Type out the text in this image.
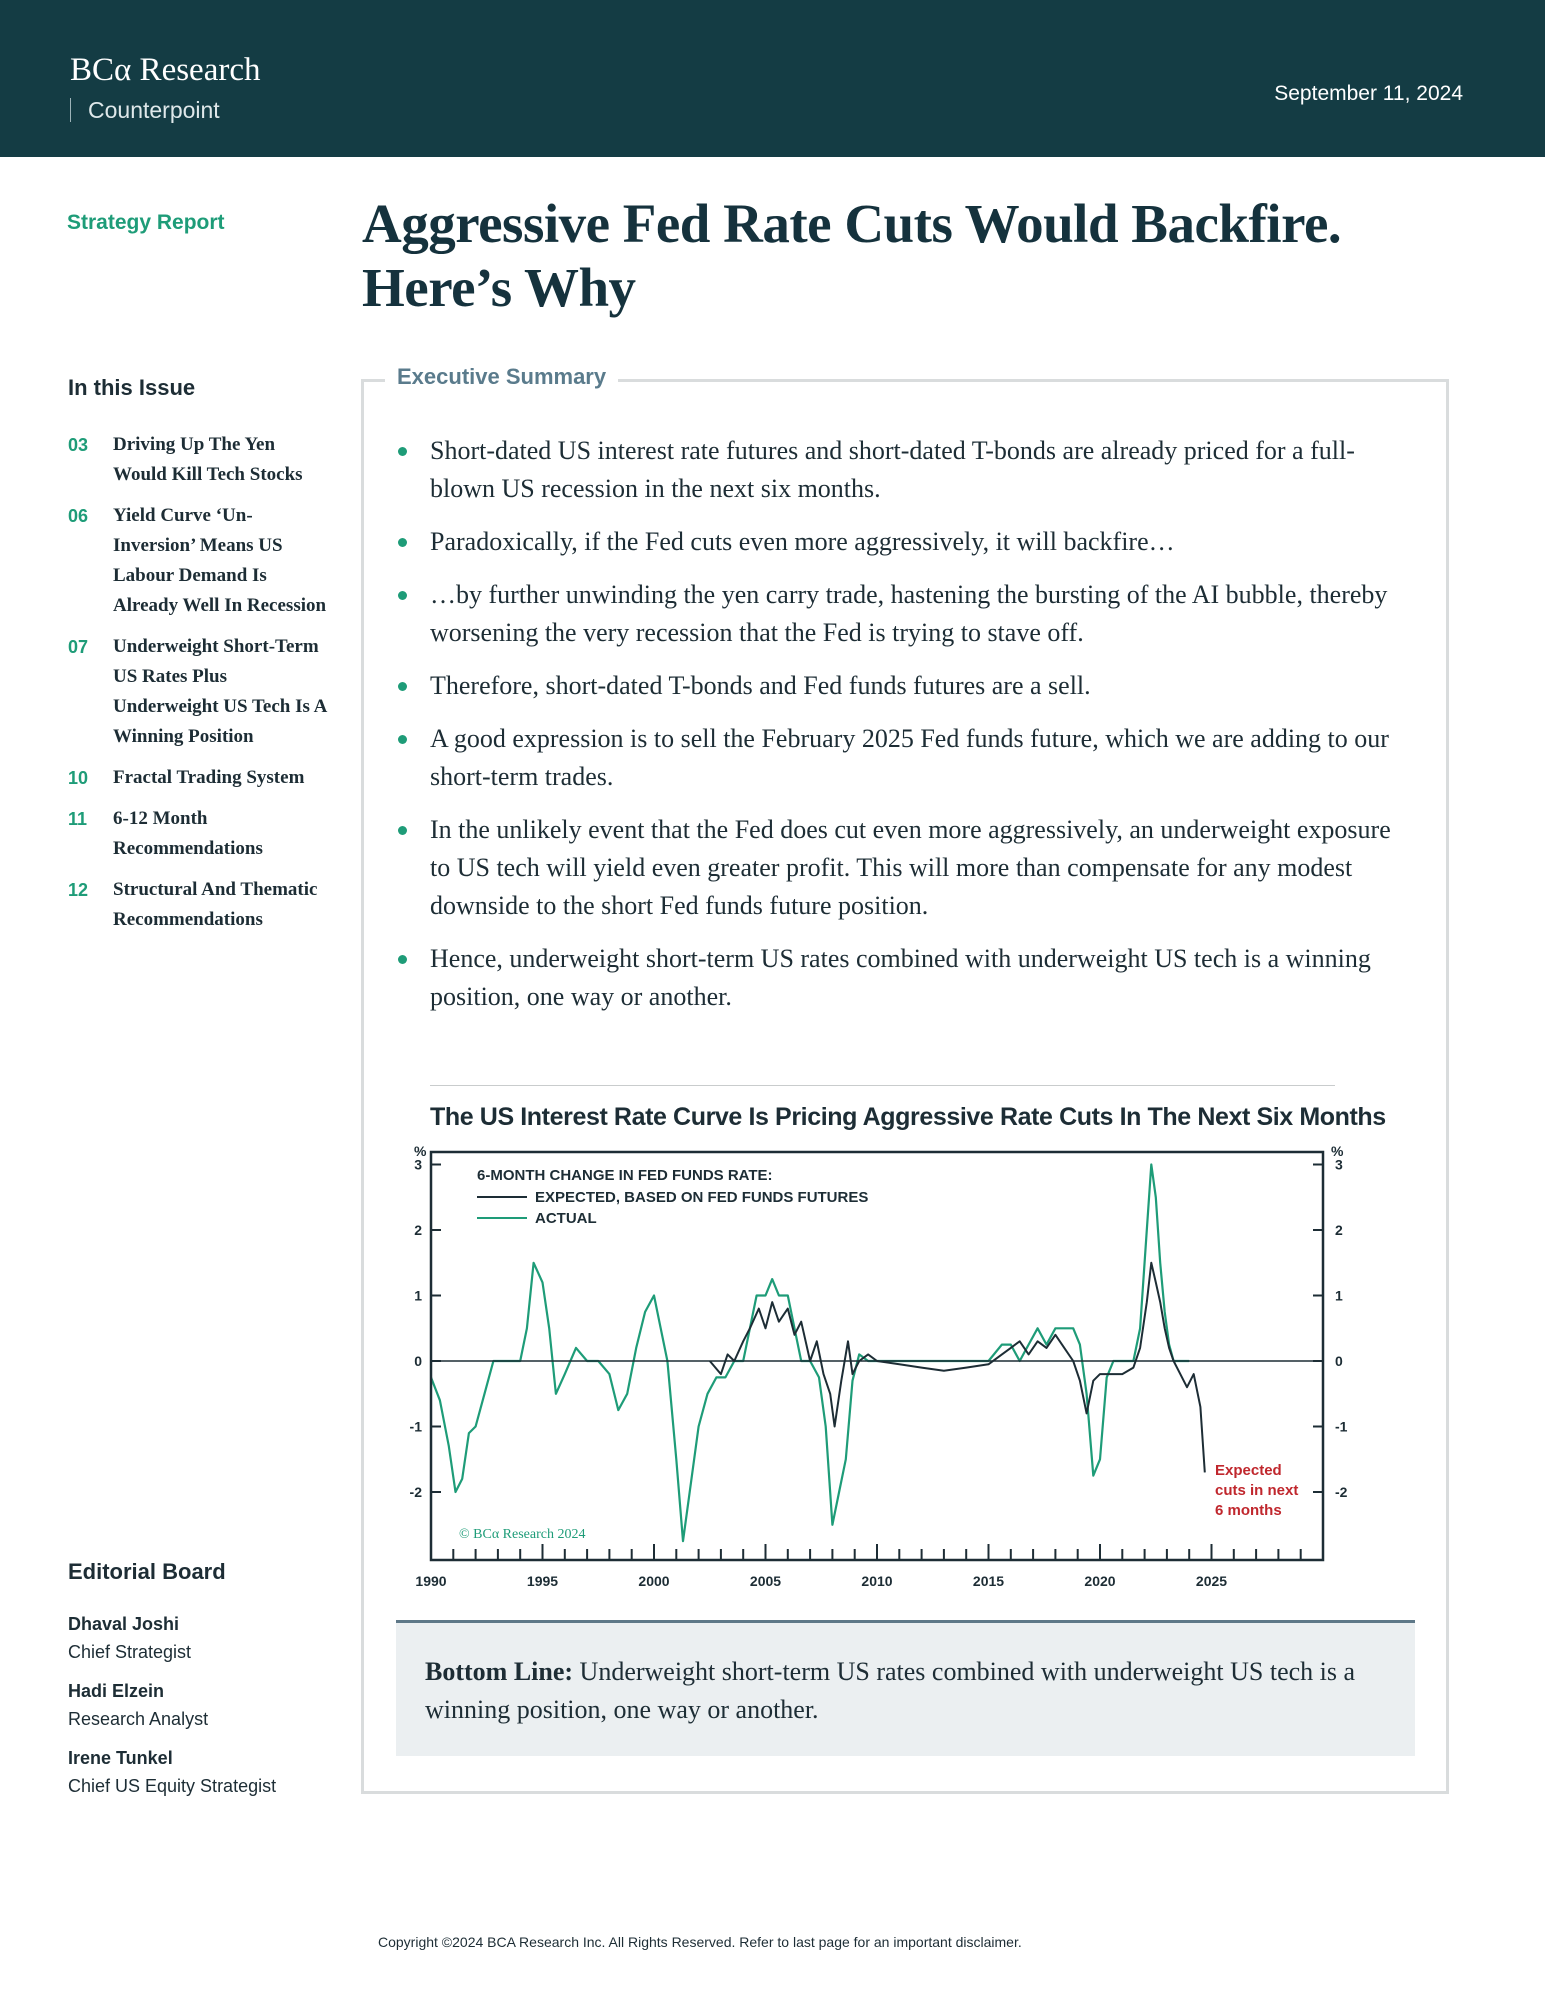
BCα Research
Counterpoint
September 11, 2024
Strategy Report Aggressive Fed Rate Cuts Would Backfire.
Here’s Why
In this Issue
03	Driving Up The Yen Would Kill Tech Stocks
06	Yield Curve ‘Un-Inversion’ Means US Labour Demand Is Already Well In Recession
07	Underweight Short-Term US Rates Plus Underweight US Tech Is A Winning Position
10	Fractal Trading System
11	6-12 Month Recommendations
12	Structural And Thematic Recommendations
Editorial Board
Dhaval Joshi
Chief Strategist
Hadi Elzein
Research Analyst
Irene Tunkel
Chief US Equity Strategist
Executive Summary
Short-dated US interest rate futures and short-dated T-bonds are already priced for a full-blown US recession in the next six months.
Paradoxically, if the Fed cuts even more aggressively, it will backfire…
…by further unwinding the yen carry trade, hastening the bursting of the AI bubble, thereby worsening the very recession that the Fed is trying to stave off.
Therefore, short-dated T-bonds and Fed funds futures are a sell.
A good expression is to sell the February 2025 Fed funds future, which we are adding to our short-term trades.
In the unlikely event that the Fed does cut even more aggressively, an underweight exposure to US tech will yield even greater profit. This will more than compensate for any modest downside to the short Fed funds future position.
Hence, underweight short-term US rates combined with underweight US tech is a winning position, one way or another.
The US Interest Rate Curve Is Pricing Aggressive Rate Cuts In The Next Six Months
3	3
2	2
1	1
0	0
-1	-1
-2	-2
%	%
1990	1995	2000	2005	2010	2015	2020	2025
6-MONTH CHANGE IN FED FUNDS RATE:
EXPECTED, BASED ON FED FUNDS FUTURES
ACTUAL
Expected
cuts in next
6 months
© BCα Research 2024
Bottom Line: Underweight short-term US rates combined with underweight US tech is a winning position, one way or another.
Copyright ©2024 BCA Research Inc. All Rights Reserved. Refer to last page for an important disclaimer.
